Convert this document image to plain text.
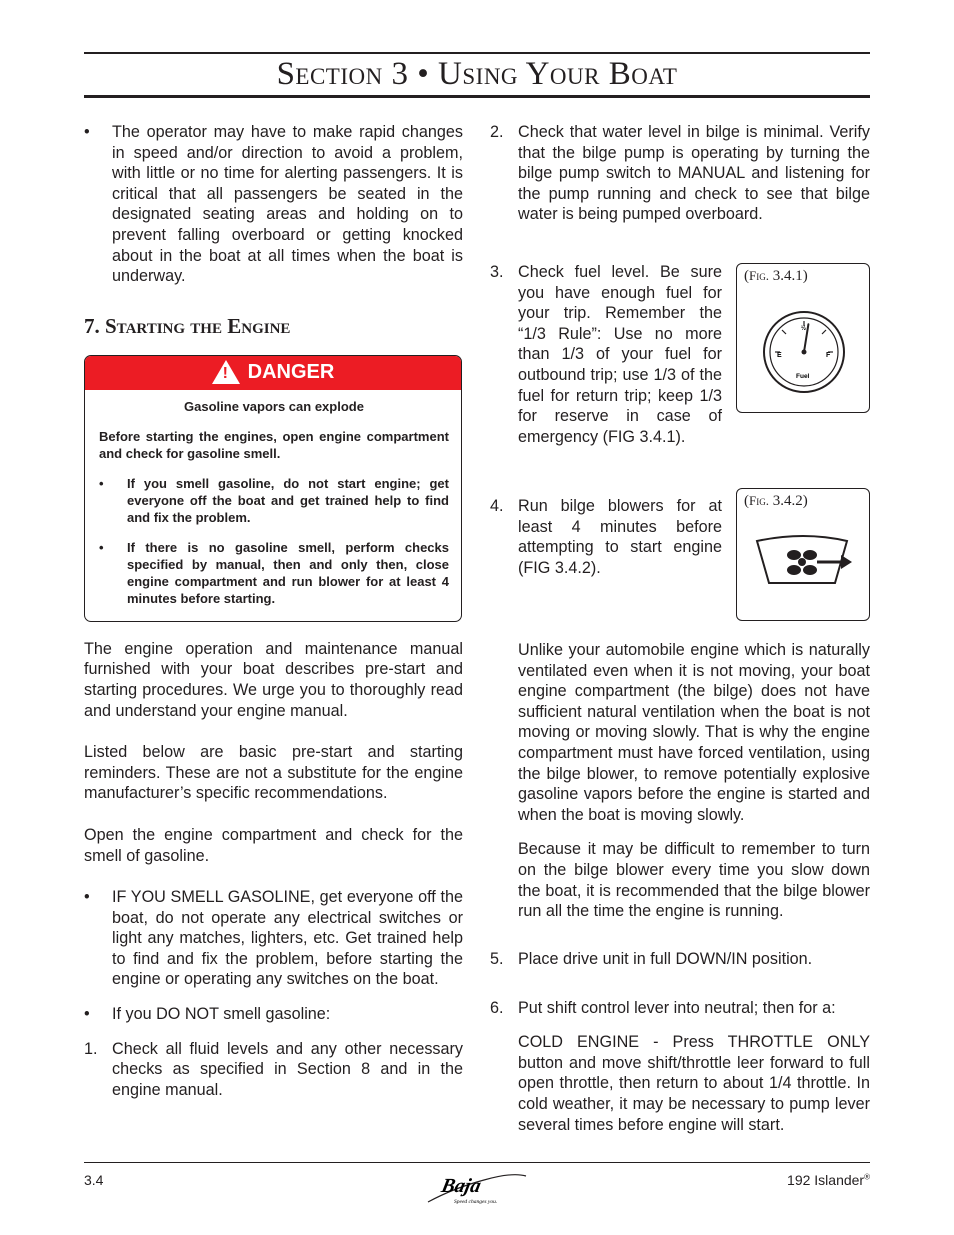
Section 3 • Using Your Boat
• The operator may have to make rapid changes in speed and/or direction to avoid a problem, with little or no time for alerting passengers. It is critical that all passengers be seated in the designated seating areas and holding on to prevent falling overboard or getting knocked about in the boat at all times when the boat is underway.
7. Starting the Engine
! DANGER

Gasoline vapors can explode

Before starting the engines, open engine compartment and check for gasoline smell.

• If you smell gasoline, do not start engine; get everyone off the boat and get trained help to find and fix the problem.
• If there is no gasoline smell, perform checks specified by manual, then and only then, close engine compartment and run blower for at least 4 minutes before starting.

The engine operation and maintenance manual furnished with your boat describes pre-start and starting procedures. We urge you to thoroughly read and understand your engine manual.

Listed below are basic pre-start and starting reminders. These are not a substitute for the engine manufacturer’s specific recommendations.

Open the engine compartment and check for the smell of gasoline.

• IF YOU SMELL GASOLINE, get everyone off the boat, do not operate any electrical switches or light any matches, lighters, etc. Get trained help to find and fix the problem, before starting the engine or operating any switches on the boat.
• If you DO NOT smell gasoline:
1. Check all fluid levels and any other necessary checks as specified in Section 8 and in the engine manual.
2. Check that water level in bilge is minimal. Verify that the bilge pump is operating by turning the bilge pump switch to MANUAL and listening for the pump running and check to see that bilge water is being pumped overboard.
3. Check fuel level. Be sure you have enough fuel for your trip. Remember the “1/3 Rule”: Use no more than 1/3 of your fuel for outbound trip; use 1/3 of the fuel for return trip; keep 1/3 for reserve in case of emergency (FIG 3.4.1).
(Fig. 3.4.1)
E
½
F
Fuel
4. Run bilge blowers for at least 4 minutes before attempting to start engine (FIG 3.4.2).
(Fig. 3.4.2)

Unlike your automobile engine which is naturally ventilated even when it is not moving, your boat engine compartment (the bilge) does not have sufficient natural ventilation when the boat is not moving or moving slowly. That is why the engine compartment must have forced ventilation, using the bilge blower, to remove potentially explosive gasoline vapors before the engine is started and when the boat is moving slowly.

Because it may be difficult to remember to turn on the bilge blower every time you slow down the boat, it is recommended that the bilge blower run all the time the engine is running.

5. Place drive unit in full DOWN/IN position.
6. Put shift control lever into neutral; then for a:

COLD ENGINE - Press THROTTLE ONLY button and move shift/throttle leer forward to full open throttle, then return to about 1/4 throttle. In cold weather, it may be necessary to pump lever several times before engine will start.

3.4	Baja
Speed changes you.
192 Islander®
